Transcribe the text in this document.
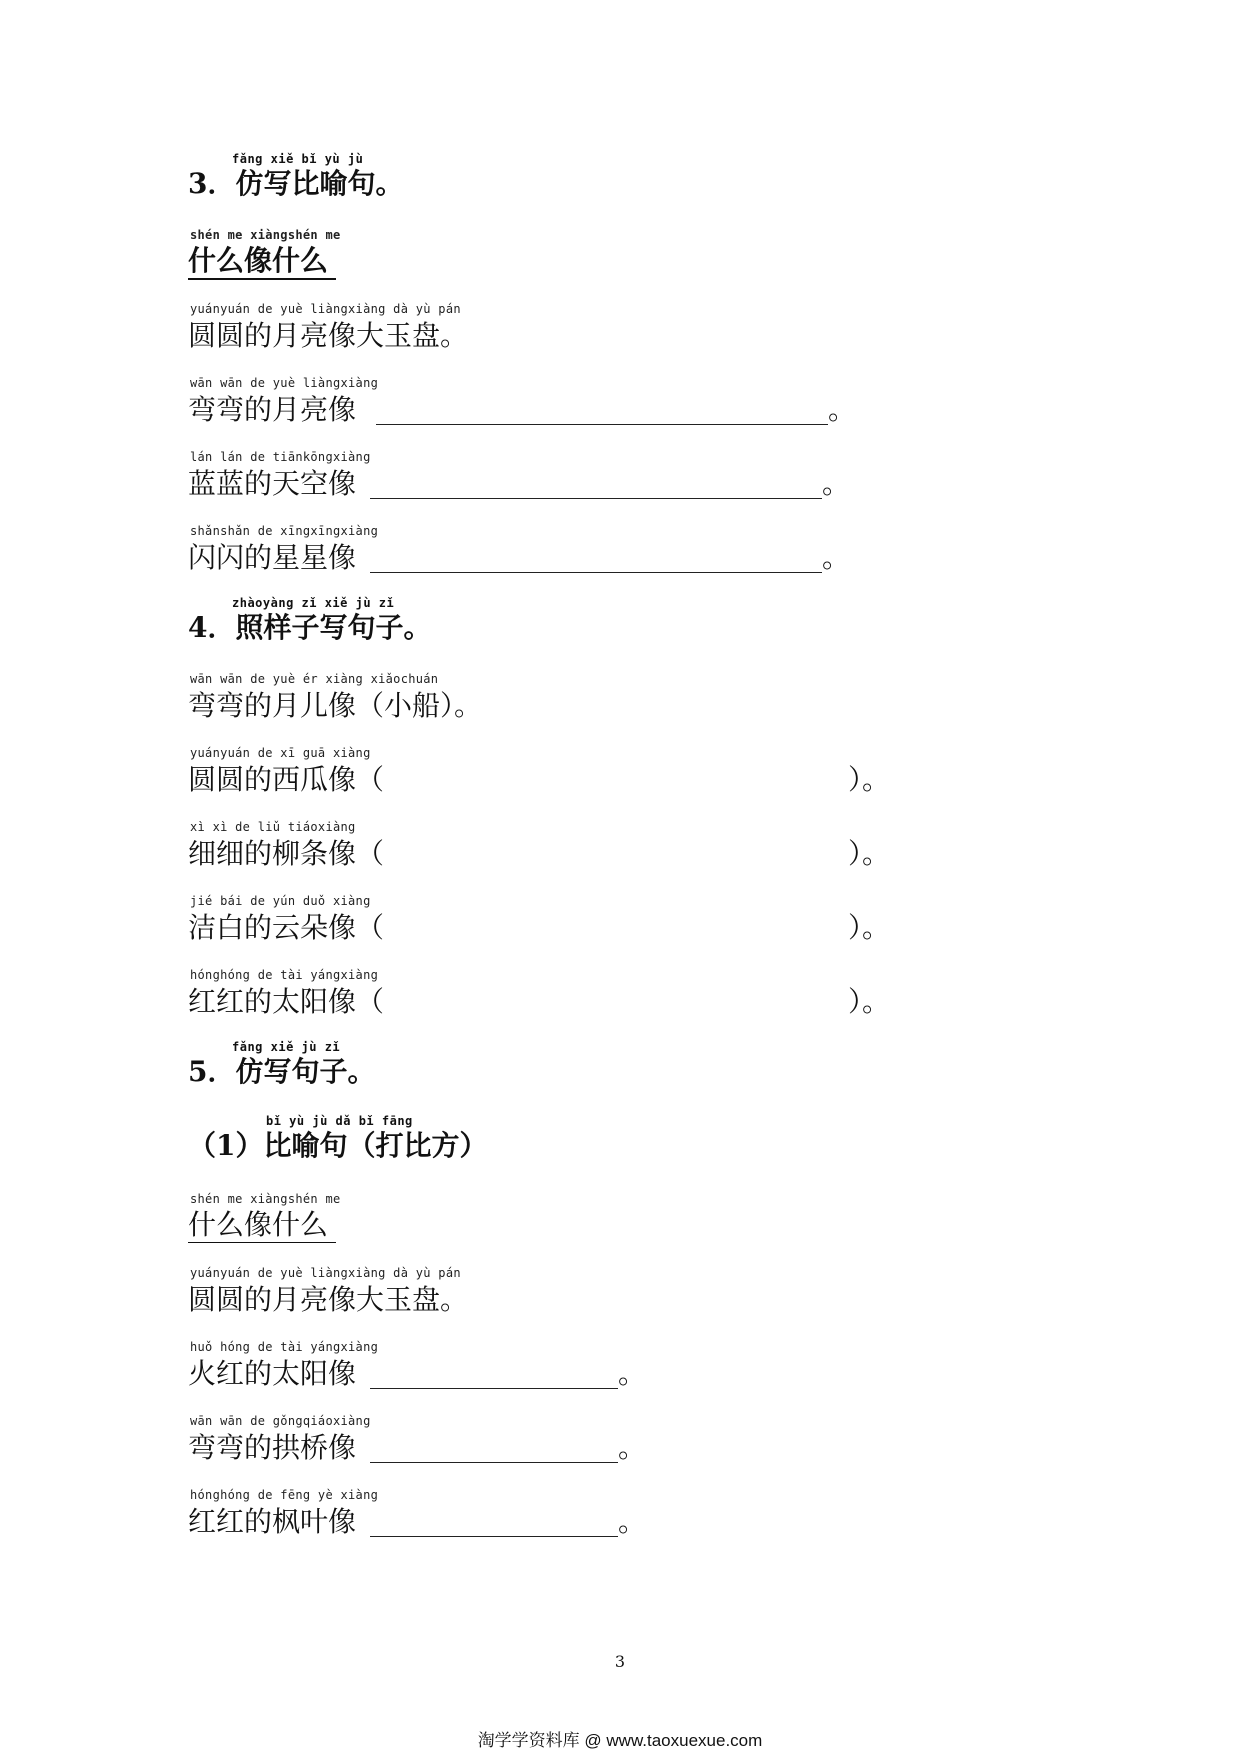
fǎng xiě bǐ yù jù
3．仿写比喻句。
shén me xiàngshén me
什么像什么
yuányuán de yuè liàngxiàng dà yù pán
圆圆的月亮像大玉盘。
wān wān de yuè liàngxiàng
弯弯的月亮像	。
lán lán de tiānkōngxiàng
蓝蓝的天空像	。
shǎnshǎn de xīngxīngxiàng
闪闪的星星像	。
zhàoyàng zǐ xiě jù zǐ
4．照样子写句子。
wān wān de yuè ér xiàng xiǎochuán
弯弯的月儿像（小船）。
yuányuán de xī guā xiàng
圆圆的西瓜像（	）。
xì xì de liǔ tiáoxiàng
细细的柳条像（	）。
jié bái de yún duǒ xiàng
洁白的云朵像（	）。
hónghóng de tài yángxiàng
红红的太阳像（	）。
fǎng xiě jù zǐ
5．仿写句子。
bǐ yù jù dǎ bǐ fāng
（1）比喻句（打比方）
shén me xiàngshén me
什么像什么
yuányuán de yuè liàngxiàng dà yù pán
圆圆的月亮像大玉盘。
huǒ hóng de tài yángxiàng
火红的太阳像	。
wān wān de gǒngqiáoxiàng
弯弯的拱桥像	。
hónghóng de fēng yè xiàng
红红的枫叶像	。
3
淘学学资料库 @ www.taoxuexue.com
